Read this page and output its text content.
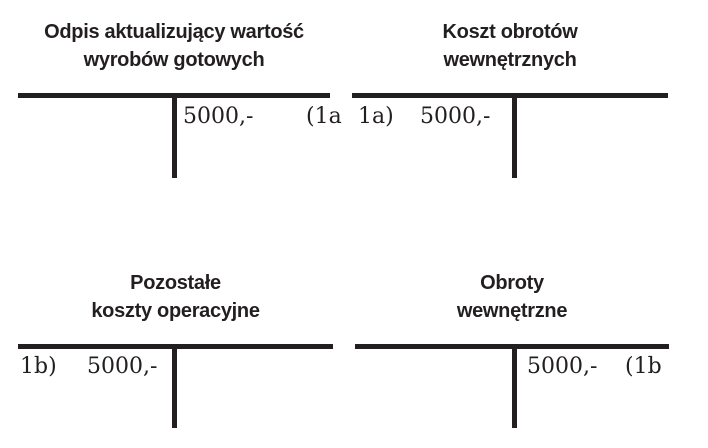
Odpis aktualizujący wartość
wyrobów gotowych
5000,- (1a
Koszt obrotów
wewnętrznych
1a) 5000,-
Pozostałe
koszty operacyjne
1b) 5000,-
Obroty
wewnętrzne
5000,- (1b
